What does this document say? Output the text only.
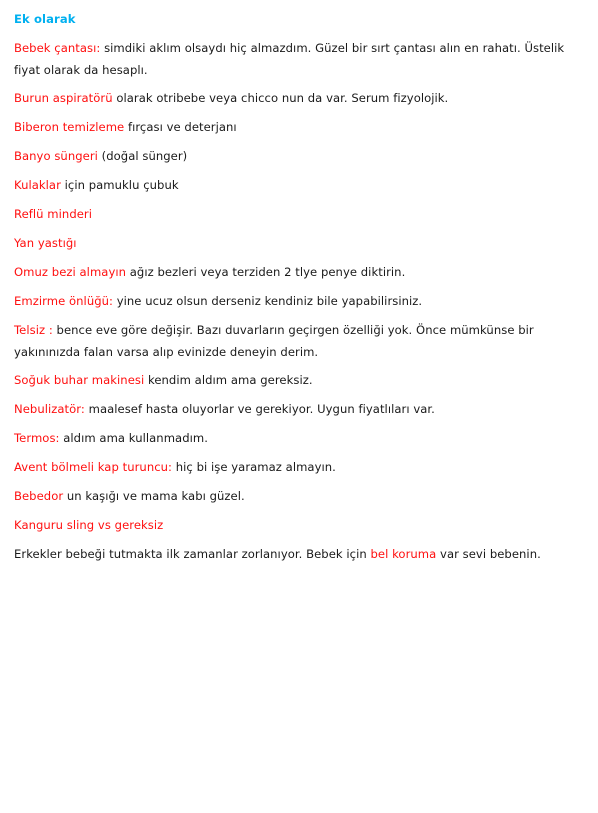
Ek olarak
Bebek çantası: simdiki aklım olsaydı hiç almazdım. Güzel bir sırt çantası alın en rahatı. Üstelik fiyat olarak da hesaplı.
Burun aspiratörü olarak otribebe veya chicco nun da var. Serum fizyolojik.
Biberon temizleme fırçası ve deterjanı
Banyo süngeri (doğal sünger)
Kulaklar için pamuklu çubuk
Reflü minderi
Yan yastığı
Omuz bezi almayın ağız bezleri veya terziden 2 tlye penye diktirin.
Emzirme önlüğü: yine ucuz olsun derseniz kendiniz bile yapabilirsiniz.
Telsiz : bence eve göre değişir. Bazı duvarların geçirgen özelliği yok. Önce mümkünse bir yakınınızda falan varsa alıp evinizde deneyin derim.
Soğuk buhar makinesi kendim aldım ama gereksiz.
Nebulizatör: maalesef hasta oluyorlar ve gerekiyor. Uygun fiyatlıları var.
Termos: aldım ama kullanmadım.
Avent bölmeli kap turuncu: hiç bi işe yaramaz almayın.
Bebedor un kaşığı ve mama kabı güzel.
Kanguru sling vs gereksiz
Erkekler bebeği tutmakta ilk zamanlar zorlanıyor. Bebek için bel koruma var sevi bebenin.
